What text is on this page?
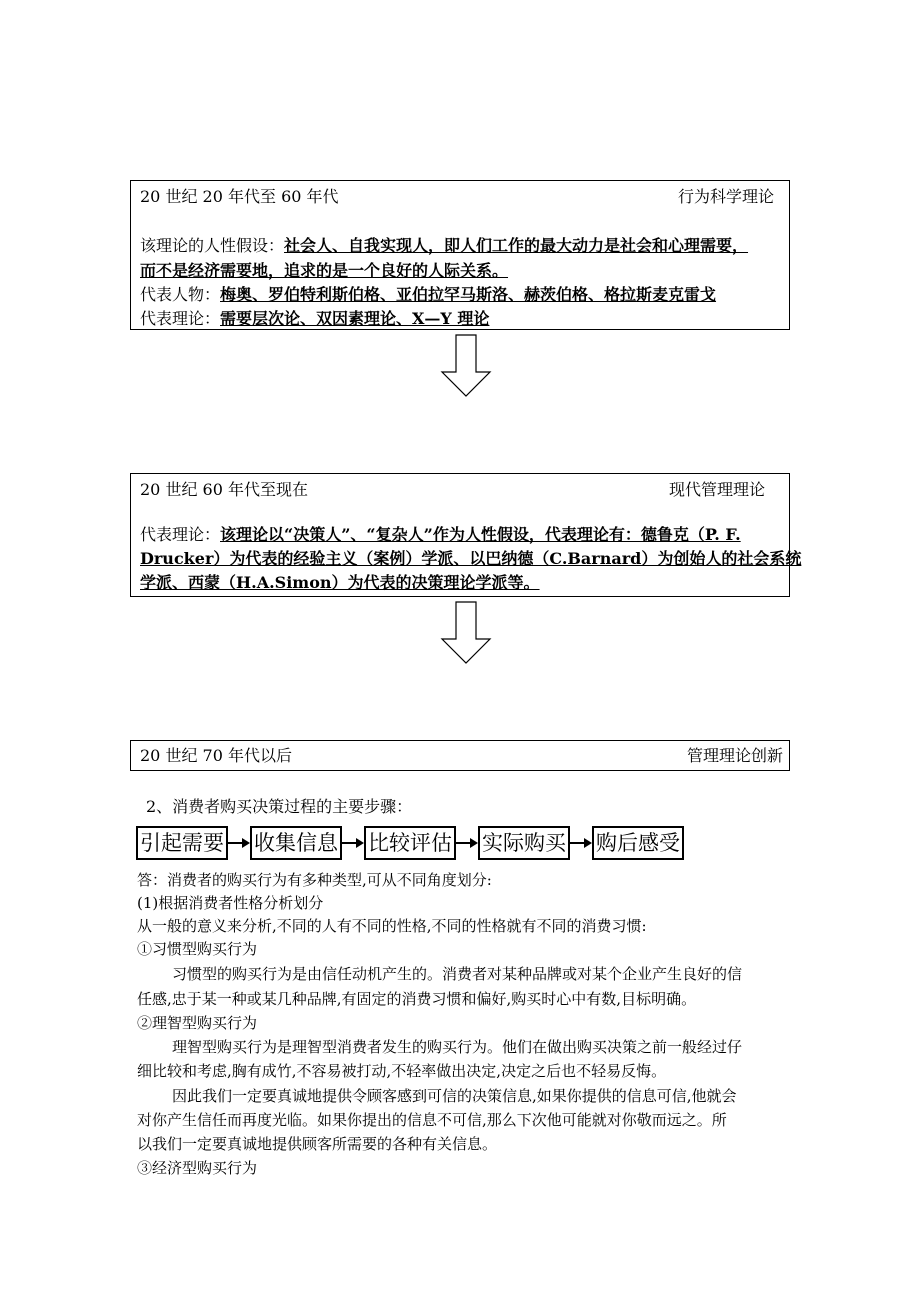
20 世纪 20 年代至 60 年代	行为科学理论
该理论的人性假设：社会人、自我实现人，即人们工作的最大动力是社会和心理需要，
而不是经济需要地，追求的是一个良好的人际关系。
代表人物：梅奥、罗伯特利斯伯格、亚伯拉罕马斯洛、赫茨伯格、格拉斯麦克雷戈
代表理论：需要层次论、双因素理论、X—Y 理论
20 世纪 60 年代至现在	现代管理理论
代表理论：该理论以“决策人”、“复杂人”作为人性假设，代表理论有：德鲁克（P. F.
Drucker）为代表的经验主义（案例）学派、以巴纳德（C.Barnard）为创始人的社会系统
学派、西蒙（H.A.Simon）为代表的决策理论学派等。
20 世纪 70 年代以后	管理理论创新
2、消费者购买决策过程的主要步骤：
引起需要 收集信息 比较评估 实际购买 购后感受
答：消费者的购买行为有多种类型,可从不同角度划分:
(1)根据消费者性格分析划分
从一般的意义来分析,不同的人有不同的性格,不同的性格就有不同的消费习惯:
①习惯型购买行为
习惯型的购买行为是由信任动机产生的。消费者对某种品牌或对某个企业产生良好的信
任感,忠于某一种或某几种品牌,有固定的消费习惯和偏好,购买时心中有数,目标明确。
②理智型购买行为
理智型购买行为是理智型消费者发生的购买行为。他们在做出购买决策之前一般经过仔
细比较和考虑,胸有成竹,不容易被打动,不轻率做出决定,决定之后也不轻易反悔。
因此我们一定要真诚地提供令顾客感到可信的决策信息,如果你提供的信息可信,他就会
对你产生信任而再度光临。如果你提出的信息不可信,那么下次他可能就对你敬而远之。所
以我们一定要真诚地提供顾客所需要的各种有关信息。
③经济型购买行为
